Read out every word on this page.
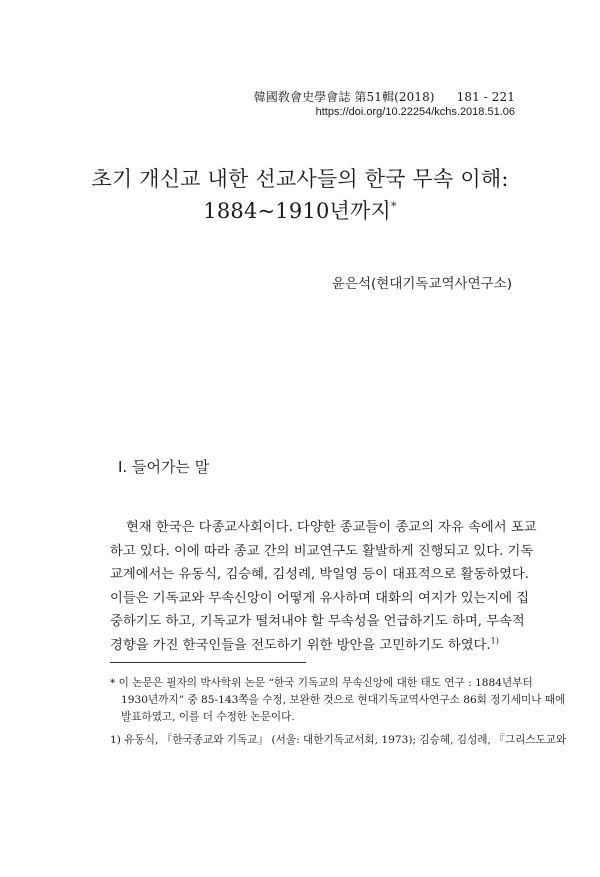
韓國敎會史學會誌 第51輯(2018) 181 - 221
https://doi.org/10.22254/kchs.2018.51.06
초기 개신교 내한 선교사들의 한국 무속 이해:
1884~1910년까지*
윤은석(현대기독교역사연구소)
I. 들어가는 말
현재 한국은 다종교사회이다. 다양한 종교들이 종교의 자유 속에서 포교
하고 있다. 이에 따라 종교 간의 비교연구도 활발하게 진행되고 있다. 기독
교계에서는 유동식, 김승혜, 김성례, 박일영 등이 대표적으로 활동하였다.
이들은 기독교와 무속신앙이 어떻게 유사하며 대화의 여지가 있는지에 집
중하기도 하고, 기독교가 떨쳐내야 할 무속성을 언급하기도 하며, 무속적
경향을 가진 한국인들을 전도하기 위한 방안을 고민하기도 하였다.$^{1)}$
* 이 논문은 필자의 박사학위 논문 “한국 기독교의 무속신앙에 대한 태도 연구 : 1884년부터
1930년까지” 중 85-143쪽을 수정, 보완한 것으로 현대기독교역사연구소 86회 정기세미나 때에
발표하였고, 이를 더 수정한 논문이다.
1) 유동식, 『한국종교와 기독교』 (서울: 대한기독교서회, 1973); 김승혜, 김성례, 『그리스도교와
